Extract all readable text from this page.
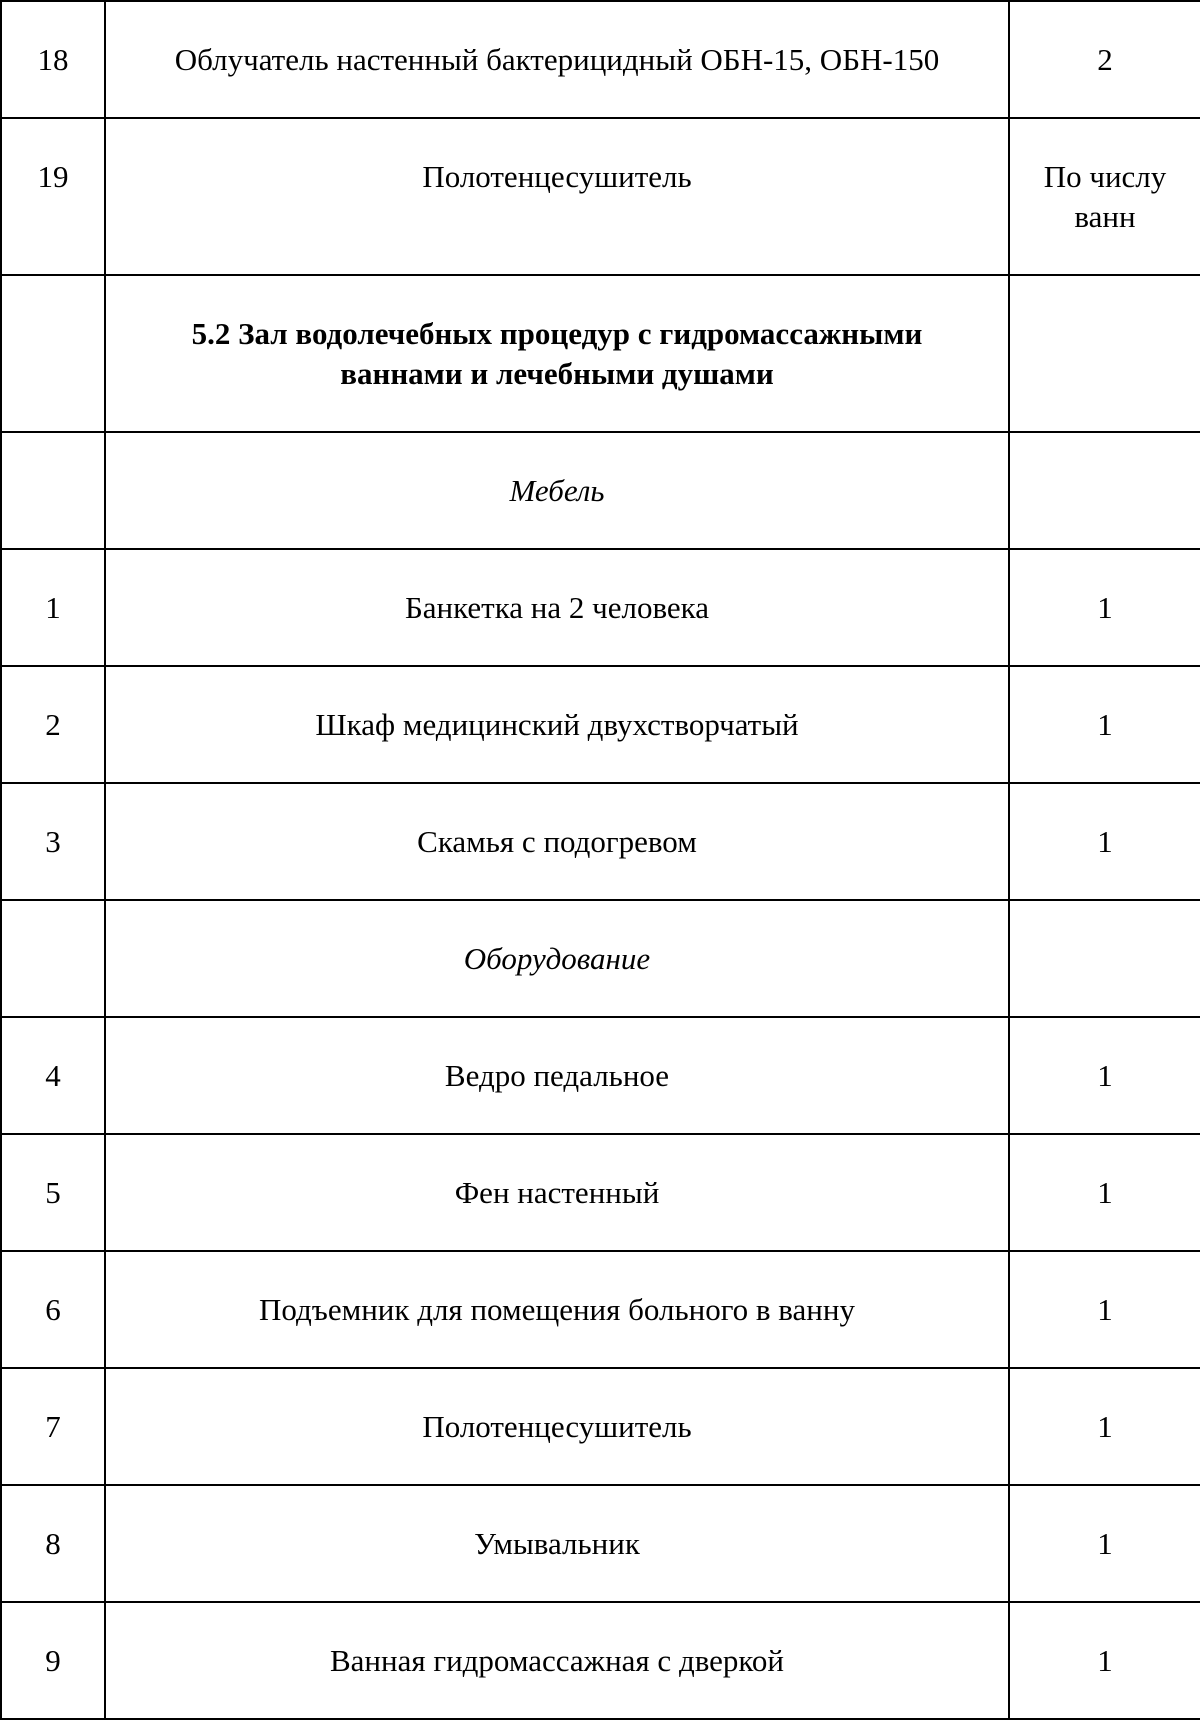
18	Облучатель настенный бактерицидный ОБН-15, ОБН-150	2

19	Полотенцесушитель	По числу ванн

	5.2 Зал водолечебных процедур с гидромассажными ваннами и лечебными душами	

	Мебель	

1	Банкетка на 2 человека	1

2	Шкаф медицинский двухстворчатый	1

3	Скамья с подогревом	1

	Оборудование	

4	Ведро педальное	1

5	Фен настенный	1

6	Подъемник для помещения больного в ванну	1

7	Полотенцесушитель	1

8	Умывальник	1

9	Ванная гидромассажная с дверкой	1
